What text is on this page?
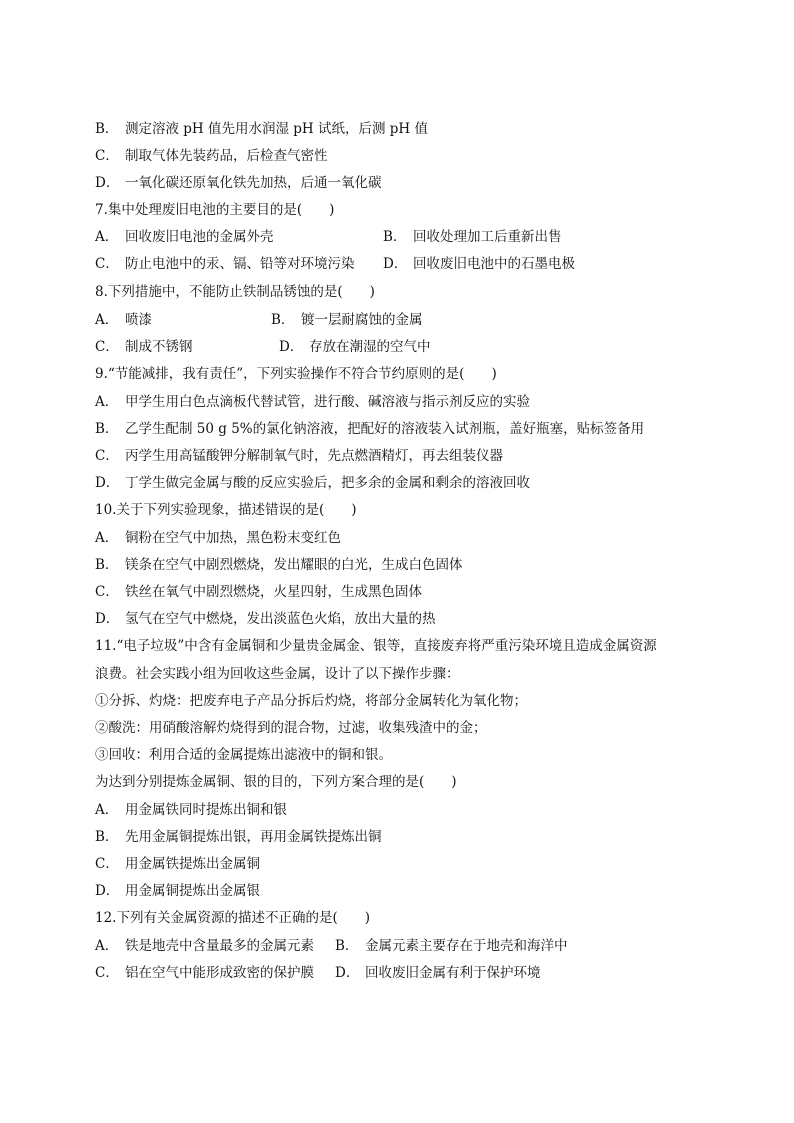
B． 测定溶液 pH 值先用水润湿 pH 试纸，后测 pH 值
C． 制取气体先装药品，后检查气密性
D． 一氧化碳还原氧化铁先加热，后通一氧化碳
7.集中处理废旧电池的主要目的是(　　)
A． 回收废旧电池的金属外壳	B． 回收处理加工后重新出售
C． 防止电池中的汞、镉、铅等对环境污染 D． 回收废旧电池中的石墨电极
8.下列措施中，不能防止铁制品锈蚀的是(　　)
A． 喷漆	B． 镀一层耐腐蚀的金属
C． 制成不锈钢	D． 存放在潮湿的空气中
9.“节能减排，我有责任”，下列实验操作不符合节约原则的是(　　)
A． 甲学生用白色点滴板代替试管，进行酸、碱溶液与指示剂反应的实验
B． 乙学生配制 50 g 5%的氯化钠溶液，把配好的溶液装入试剂瓶，盖好瓶塞，贴标签备用
C． 丙学生用高锰酸钾分解制氧气时，先点燃酒精灯，再去组装仪器
D． 丁学生做完金属与酸的反应实验后，把多余的金属和剩余的溶液回收
10.关于下列实验现象，描述错误的是(　　)
A． 铜粉在空气中加热，黑色粉末变红色
B． 镁条在空气中剧烈燃烧，发出耀眼的白光，生成白色固体
C． 铁丝在氧气中剧烈燃烧，火星四射，生成黑色固体
D． 氢气在空气中燃烧，发出淡蓝色火焰，放出大量的热
11.“电子垃圾”中含有金属铜和少量贵金属金、银等，直接废弃将严重污染环境且造成金属资源
浪费。社会实践小组为回收这些金属，设计了以下操作步骤：
①分拆、灼烧：把废弃电子产品分拆后灼烧，将部分金属转化为氧化物；
②酸洗：用硝酸溶解灼烧得到的混合物，过滤，收集残渣中的金；
③回收：利用合适的金属提炼出滤液中的铜和银。
为达到分别提炼金属铜、银的目的，下列方案合理的是(　　)
A． 用金属铁同时提炼出铜和银
B． 先用金属铜提炼出银，再用金属铁提炼出铜
C． 用金属铁提炼出金属铜
D． 用金属铜提炼出金属银
12.下列有关金属资源的描述不正确的是(　　)
A． 铁是地壳中含量最多的金属元素 B． 金属元素主要存在于地壳和海洋中
C． 铝在空气中能形成致密的保护膜 D． 回收废旧金属有利于保护环境
